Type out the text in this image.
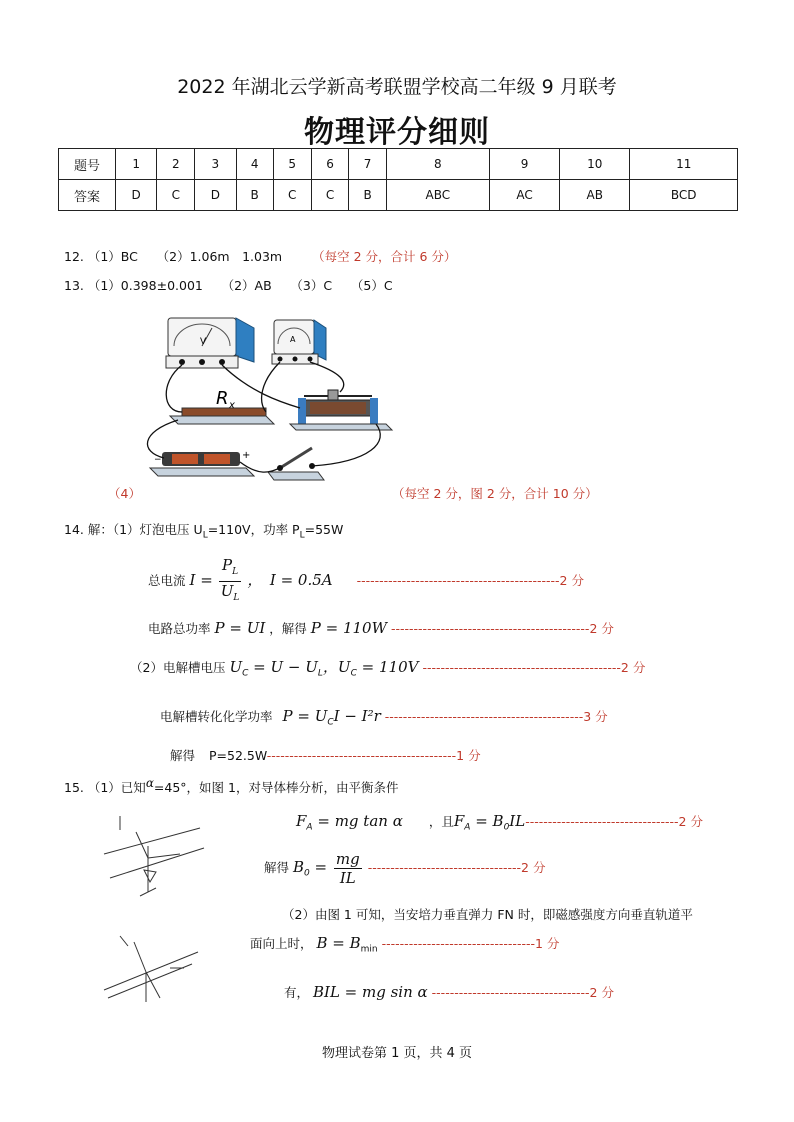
2022 年湖北云学新高考联盟学校高二年级 9 月联考
物理评分细则
题号	1	2	3	4	5	6	7	8	9	10	11
答案	D	C	D	B	C	C	B	ABC	AC	AB	BCD
12. （1）BC　　（2）1.06m　1.03m （每空 2 分，合计 6 分）
13. （1）0.398±0.001　　（2）AB　　（3）C　　（5）C
V	A
R x
−	+
（4）	（每空 2 分，图 2 分，合计 10 分）
14. 解：（1）灯泡电压 $U_L=110V$，功率 $P_L=55W$
总电流 $I = \frac{P_L}{U_L}$ ，　I = 0.5A ---------------------------------------------2 分
电路总功率 P = UI ，解得 P = 110W --------------------------------------------2 分
（2）电解槽电压 $U_C = U - U_L$，$U_C = 110V$ --------------------------------------------2 分
电解槽转化化学功率 $P = U_CI - I^2r$ --------------------------------------------3 分
解得 P=52.5W------------------------------------------1 分
15. （1）已知α=45°，如图 1，对导体棒分析，由平衡条件
$F_A$ = mg tan α ，且$F_A = B_0IL----------------------------------2$ 分
解得 $B_0 = \frac{mg}{IL} ----------------------------------2$ 分
（2）由图 1 可知，当安培力垂直弹力 FN 时，即磁感强度方向垂直轨道平
面向上时， $B = B_{min}$ ----------------------------------1 分
有， BIL = mg sin α -----------------------------------2 分
物理试卷第 1 页，共 4 页
